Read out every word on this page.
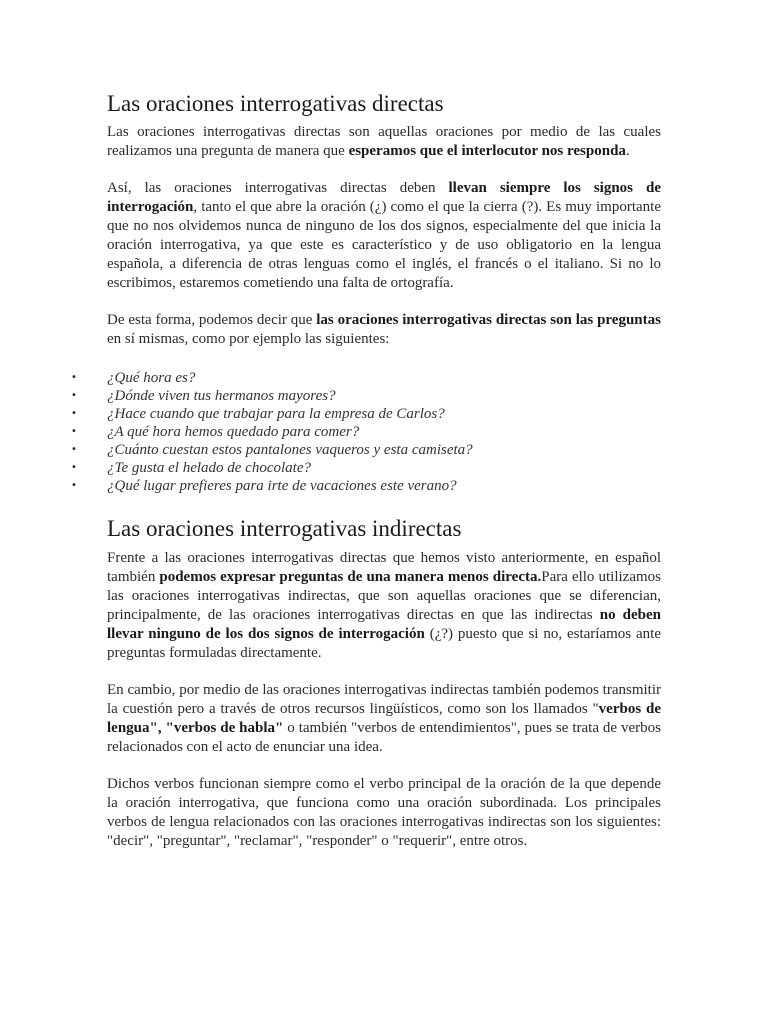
Las oraciones interrogativas directas

Las oraciones interrogativas directas son aquellas oraciones por medio de las cuales realizamos una pregunta de manera que esperamos que el interlocutor nos responda.

Así, las oraciones interrogativas directas deben llevan siempre los signos de interrogación, tanto el que abre la oración (¿) como el que la cierra (?). Es muy importante que no nos olvidemos nunca de ninguno de los dos signos, especialmente del que inicia la oración interrogativa, ya que este es característico y de uso obligatorio en la lengua española, a diferencia de otras lenguas como el inglés, el francés o el italiano. Si no lo escribimos, estaremos cometiendo una falta de ortografía.

De esta forma, podemos decir que las oraciones interrogativas directas son las preguntas en sí mismas, como por ejemplo las siguientes:

• ¿Qué hora es?
• ¿Dónde viven tus hermanos mayores?
• ¿Hace cuando que trabajar para la empresa de Carlos?
• ¿A qué hora hemos quedado para comer?
• ¿Cuánto cuestan estos pantalones vaqueros y esta camiseta?
• ¿Te gusta el helado de chocolate?
• ¿Qué lugar prefieres para irte de vacaciones este verano?
Las oraciones interrogativas indirectas

Frente a las oraciones interrogativas directas que hemos visto anteriormente, en español también podemos expresar preguntas de una manera menos directa.Para ello utilizamos las oraciones interrogativas indirectas, que son aquellas oraciones que se diferencian, principalmente, de las oraciones interrogativas directas en que las indirectas no deben llevar ninguno de los dos signos de interrogación (¿?) puesto que si no, estaríamos ante preguntas formuladas directamente.

En cambio, por medio de las oraciones interrogativas indirectas también podemos transmitir la cuestión pero a través de otros recursos lingüísticos, como son los llamados "verbos de lengua", "verbos de habla" o también "verbos de entendimientos", pues se trata de verbos relacionados con el acto de enunciar una idea.

Dichos verbos funcionan siempre como el verbo principal de la oración de la que depende la oración interrogativa, que funciona como una oración subordinada. Los principales verbos de lengua relacionados con las oraciones interrogativas indirectas son los siguientes: "decir", "preguntar", "reclamar", "responder" o "requerir", entre otros.
